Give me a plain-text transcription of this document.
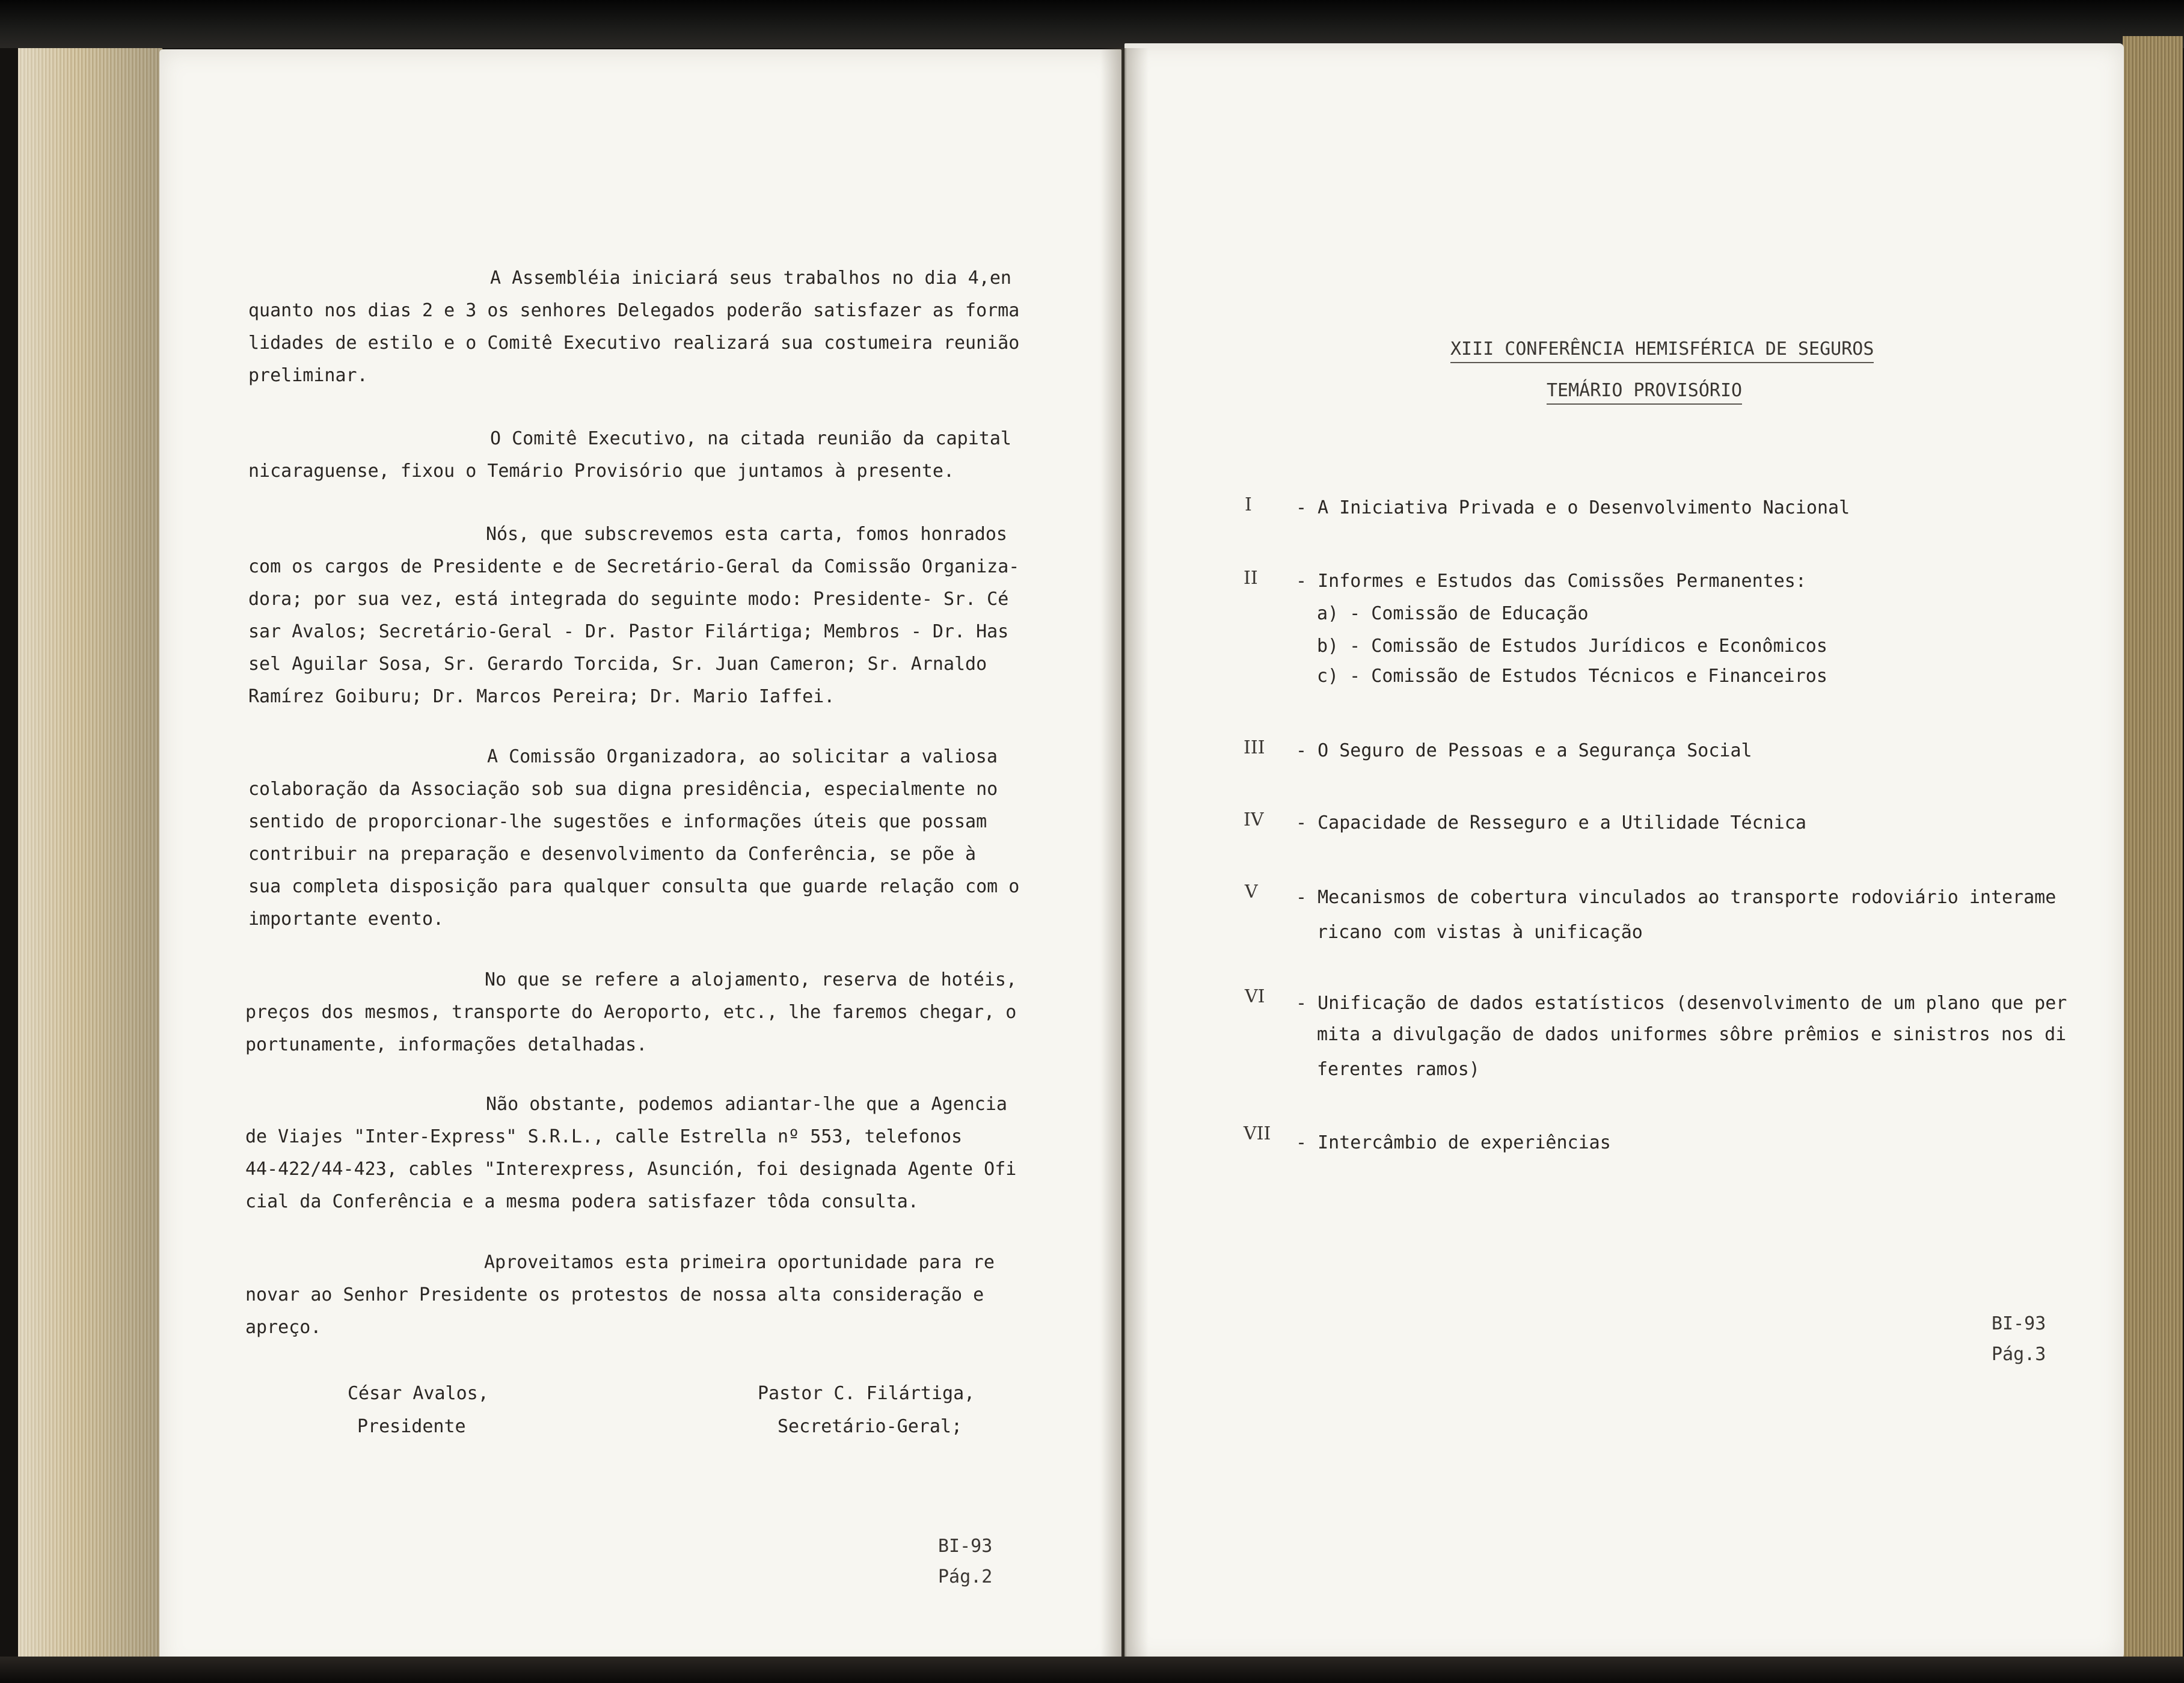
A Assembléia iniciará seus trabalhos no dia 4,en
quanto nos dias 2 e 3 os senhores Delegados poderão satisfazer as forma
lidades de estilo e o Comitê Executivo realizará sua costumeira reunião
preliminar.
O Comitê Executivo, na citada reunião da capital
nicaraguense, fixou o Temário Provisório que juntamos à presente.
Nós, que subscrevemos esta carta, fomos honrados
com os cargos de Presidente e de Secretário-Geral da Comissão Organiza-
dora; por sua vez, está integrada do seguinte modo: Presidente- Sr. Cé
sar Avalos; Secretário-Geral - Dr. Pastor Filártiga; Membros - Dr. Has
sel Aguilar Sosa, Sr. Gerardo Torcida, Sr. Juan Cameron; Sr. Arnaldo
Ramírez Goiburu; Dr. Marcos Pereira; Dr. Mario Iaffei.
A Comissão Organizadora, ao solicitar a valiosa
colaboração da Associação sob sua digna presidência, especialmente no
sentido de proporcionar-lhe sugestões e informações úteis que possam
contribuir na preparação e desenvolvimento da Conferência, se põe à
sua completa disposição para qualquer consulta que guarde relação com o
importante evento.
No que se refere a alojamento, reserva de hotéis,
preços dos mesmos, transporte do Aeroporto, etc., lhe faremos chegar, o
portunamente, informações detalhadas.
Não obstante, podemos adiantar-lhe que a Agencia
de Viajes "Inter-Express" S.R.L., calle Estrella nº 553, telefonos
44-422/44-423, cables "Interexpress, Asunción, foi designada Agente Ofi
cial da Conferência e a mesma podera satisfazer tôda consulta.
Aproveitamos esta primeira oportunidade para re
novar ao Senhor Presidente os protestos de nossa alta consideração e
apreço.
César Avalos,
Presidente
Pastor C. Filártiga,
Secretário-Geral;
BI-93
Pág.2
XIII CONFERÊNCIA HEMISFÉRICA DE SEGUROS
TEMÁRIO PROVISÓRIO
I - A Iniciativa Privada e o Desenvolvimento Nacional
II - Informes e Estudos das Comissões Permanentes:
a) - Comissão de Educação
b) - Comissão de Estudos Jurídicos e Econômicos
c) - Comissão de Estudos Técnicos e Financeiros
III - O Seguro de Pessoas e a Segurança Social
IV - Capacidade de Resseguro e a Utilidade Técnica
V - Mecanismos de cobertura vinculados ao transporte rodoviário interame
ricano com vistas à unificação
VI - Unificação de dados estatísticos (desenvolvimento de um plano que per
mita a divulgação de dados uniformes sôbre prêmios e sinistros nos di
ferentes ramos)
VII - Intercâmbio de experiências
BI-93
Pág.3
